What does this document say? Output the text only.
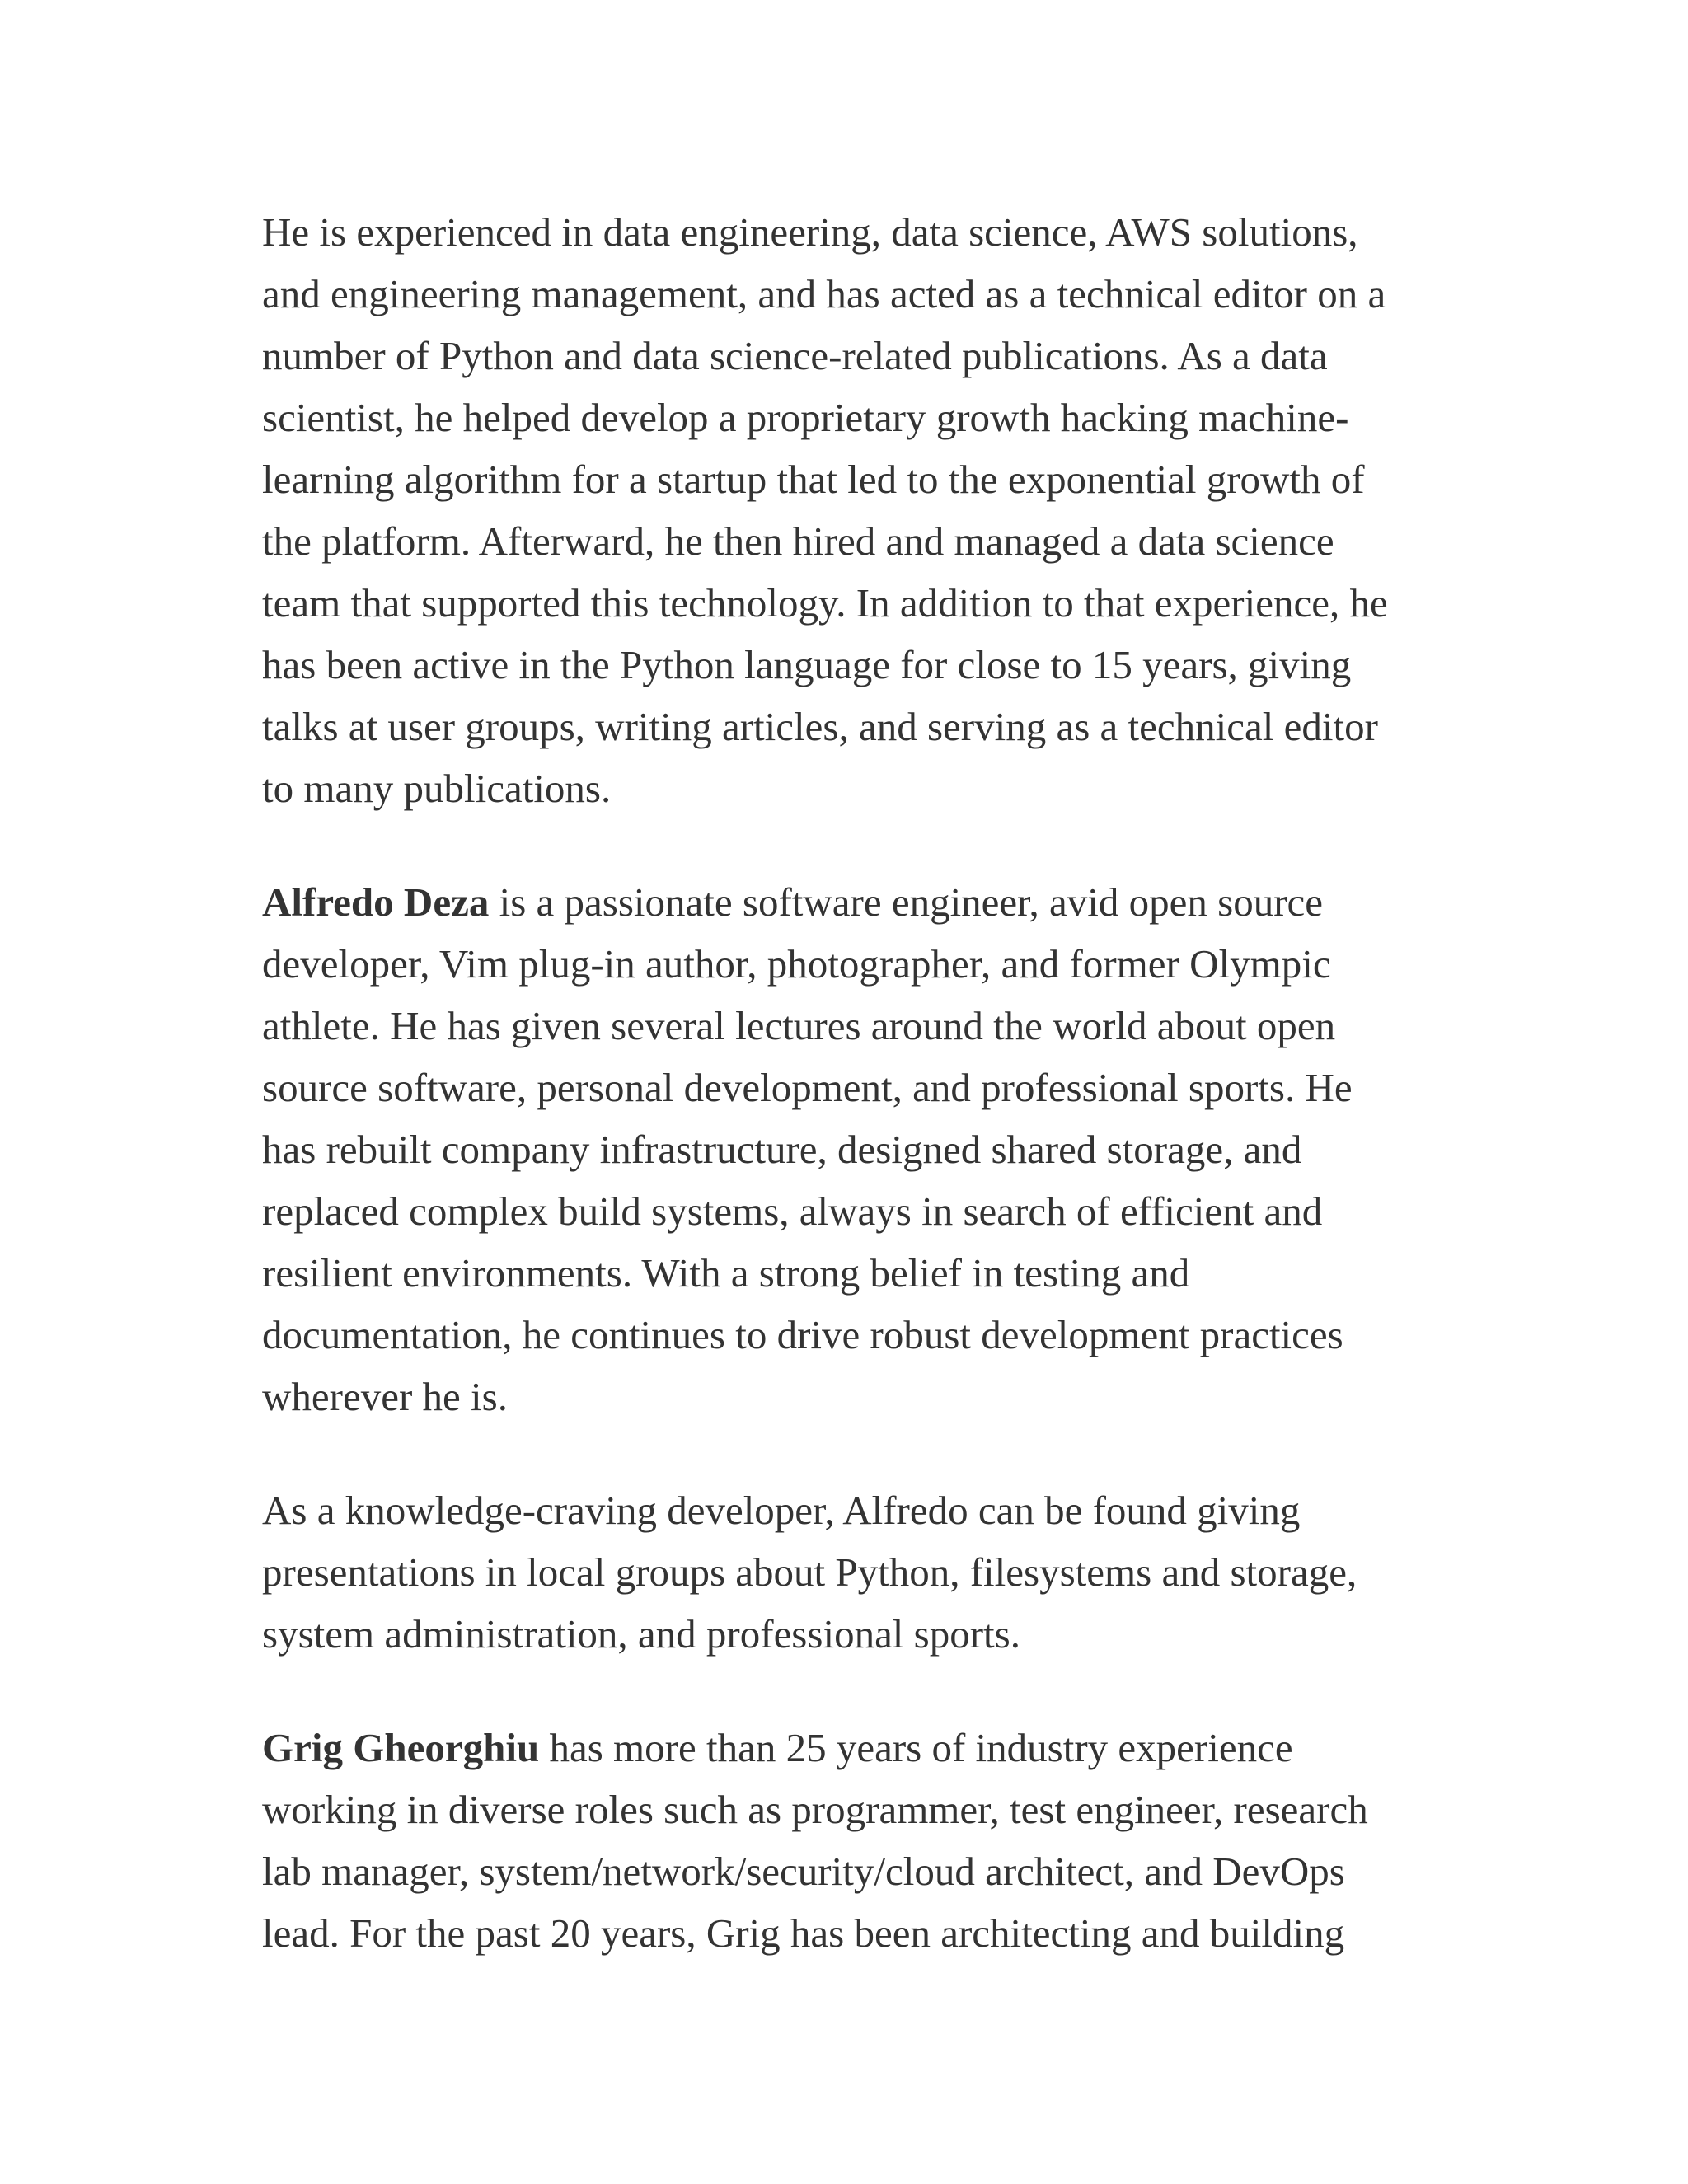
He is experienced in data engineering, data science, AWS solutions,
and engineering management, and has acted as a technical editor on a
number of Python and data science-related publications. As a data
scientist, he helped develop a proprietary growth hacking machine-
learning algorithm for a startup that led to the exponential growth of
the platform. Afterward, he then hired and managed a data science
team that supported this technology. In addition to that experience, he
has been active in the Python language for close to 15 years, giving
talks at user groups, writing articles, and serving as a technical editor
to many publications.

Alfredo Deza is a passionate software engineer, avid open source
developer, Vim plug-in author, photographer, and former Olympic
athlete. He has given several lectures around the world about open
source software, personal development, and professional sports. He
has rebuilt company infrastructure, designed shared storage, and
replaced complex build systems, always in search of efficient and
resilient environments. With a strong belief in testing and
documentation, he continues to drive robust development practices
wherever he is.

As a knowledge-craving developer, Alfredo can be found giving
presentations in local groups about Python, filesystems and storage,
system administration, and professional sports.

Grig Gheorghiu has more than 25 years of industry experience
working in diverse roles such as programmer, test engineer, research
lab manager, system/network/security/cloud architect, and DevOps
lead. For the past 20 years, Grig has been architecting and building
